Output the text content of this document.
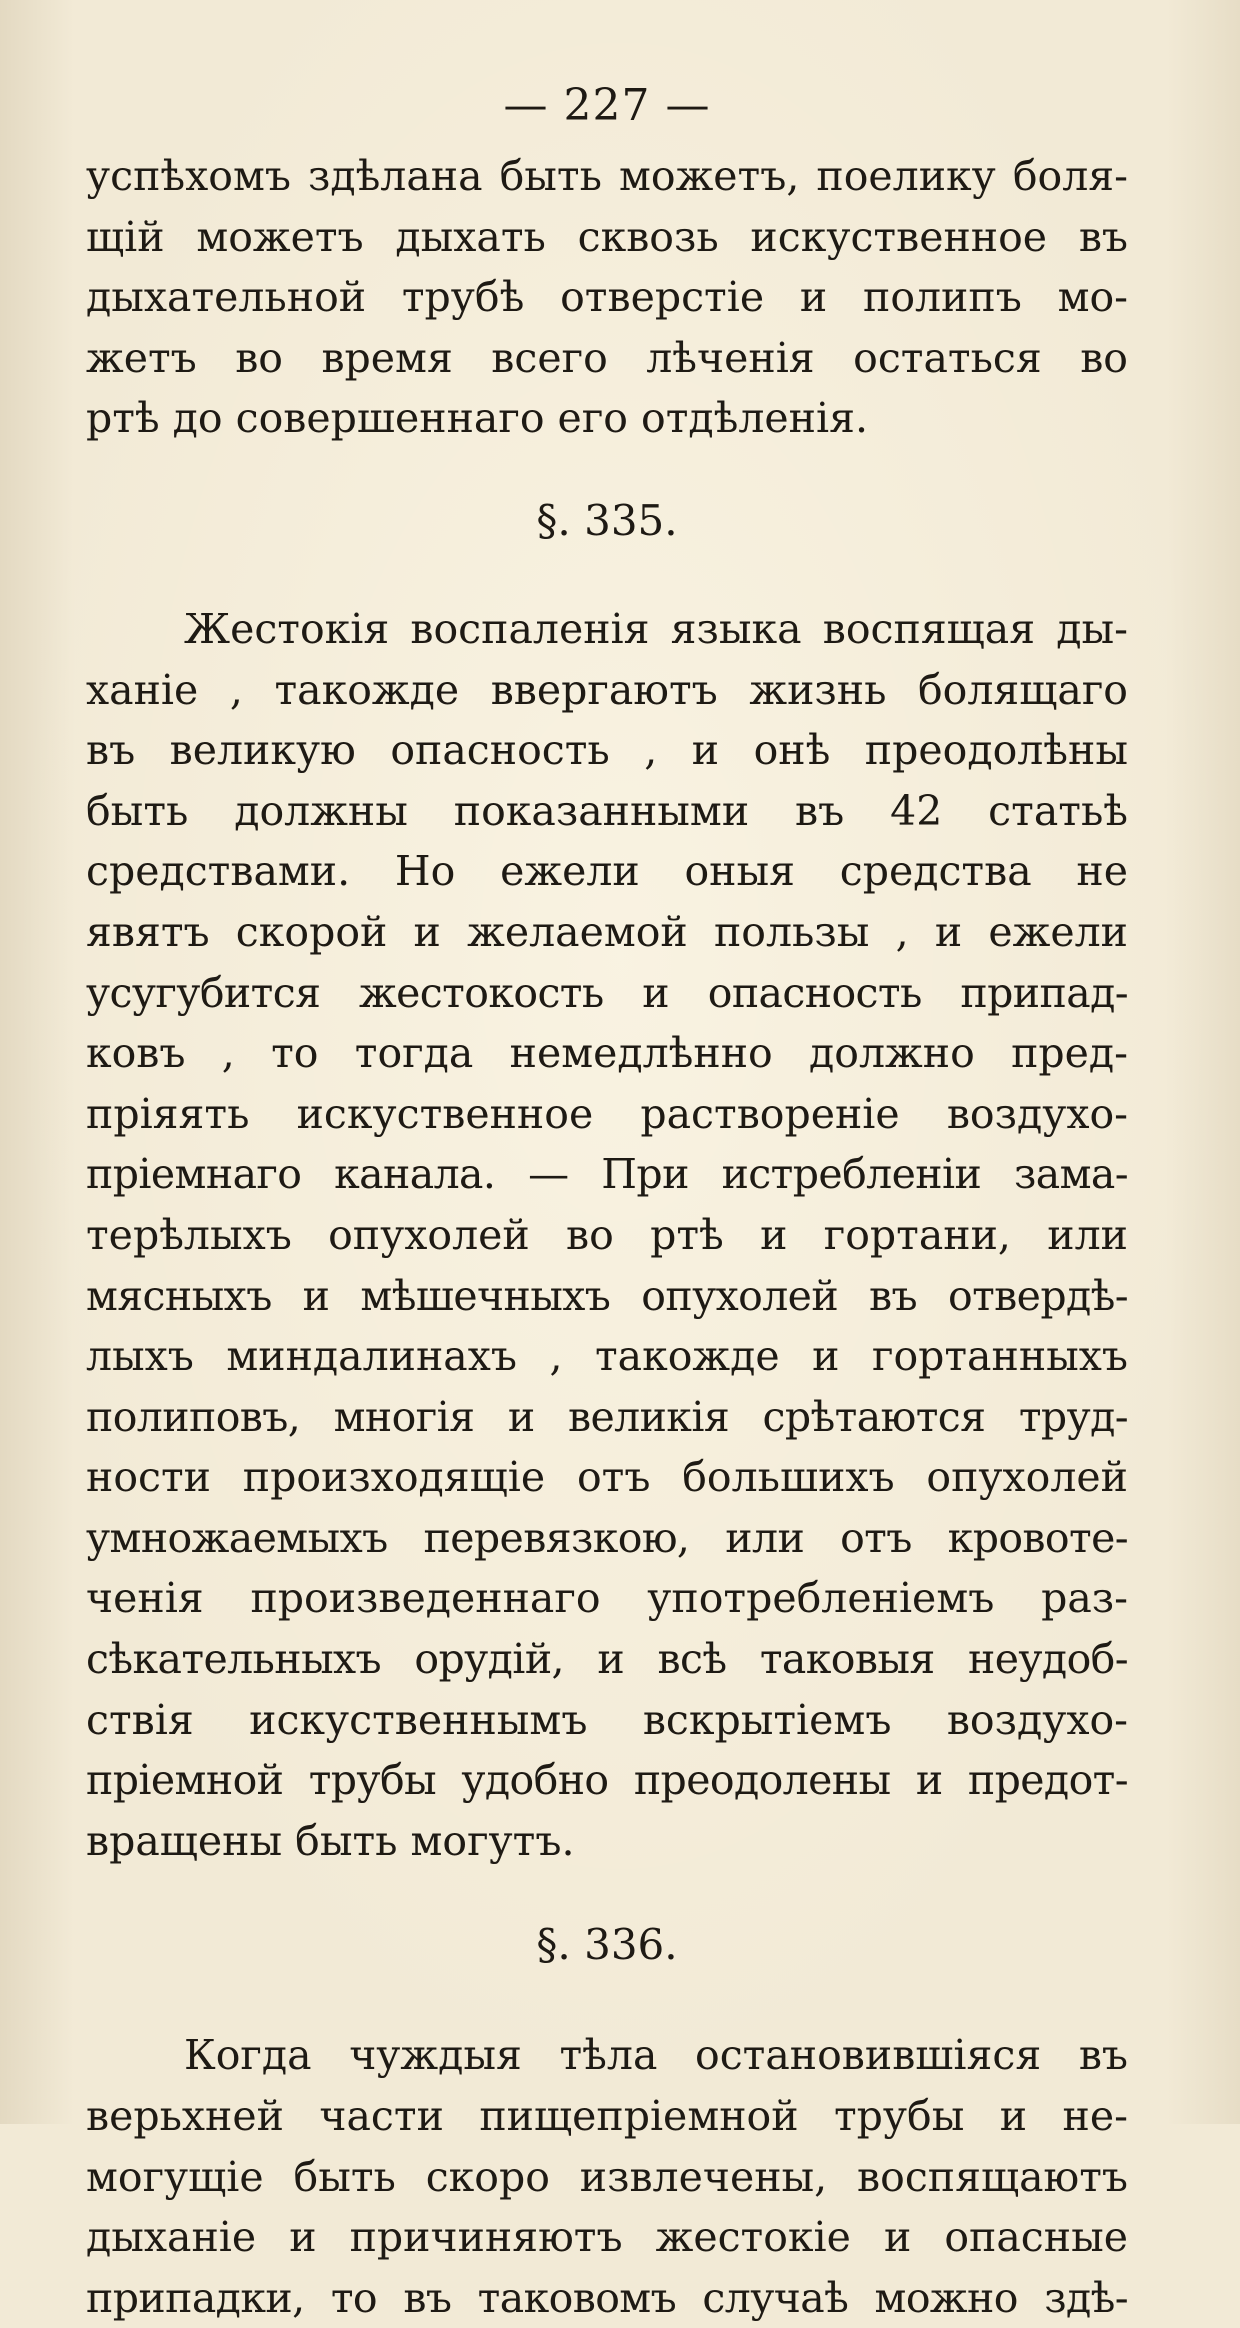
— 227 —
успѣхомъ здѣлана быть можетъ, поелику боля-
щій можетъ дыхать сквозь искуственное въ
дыхательной трубѣ отверстіе и полипъ мо-
жетъ во время всего лѣченія остаться во
ртѣ до совершеннаго его отдѣленія.
§. 335.
Жестокія воспаленія языка воспящая ды-
ханіе , такожде ввергаютъ жизнь болящаго
въ великую опасность , и онѣ преодолѣны
быть должны показанными въ 42 статьѣ
средствами. Но ежели оныя средства не
явятъ скорой и желаемой пользы , и ежели
усугубится жестокость и опасность припад-
ковъ , то тогда немедлѣнно должно пред-
пріяять искуственное раствореніе воздухо-
пріемнаго канала. — При истребленіи зама-
терѣлыхъ опухолей во ртѣ и гортани, или
мясныхъ и мѣшечныхъ опухолей въ отвердѣ-
лыхъ миндалинахъ , такожде и гортанныхъ
полиповъ, многія и великія срѣтаются труд-
ности произходящіе отъ большихъ опухолей
умножаемыхъ перевязкою, или отъ кровоте-
ченія произведеннаго употребленіемъ раз-
сѣкательныхъ орудій, и всѣ таковыя неудоб-
ствія искуственнымъ вскрытіемъ воздухо-
пріемной трубы удобно преодолены и предот-
вращены быть могутъ.
§. 336.
Когда чуждыя тѣла остановившіяся въ
верьхней части пищепріемной трубы и не-
могущіе быть скоро извлечены, воспящаютъ
дыханіе и причиняютъ жестокіе и опасные
припадки, то въ таковомъ случаѣ можно здѣ-
